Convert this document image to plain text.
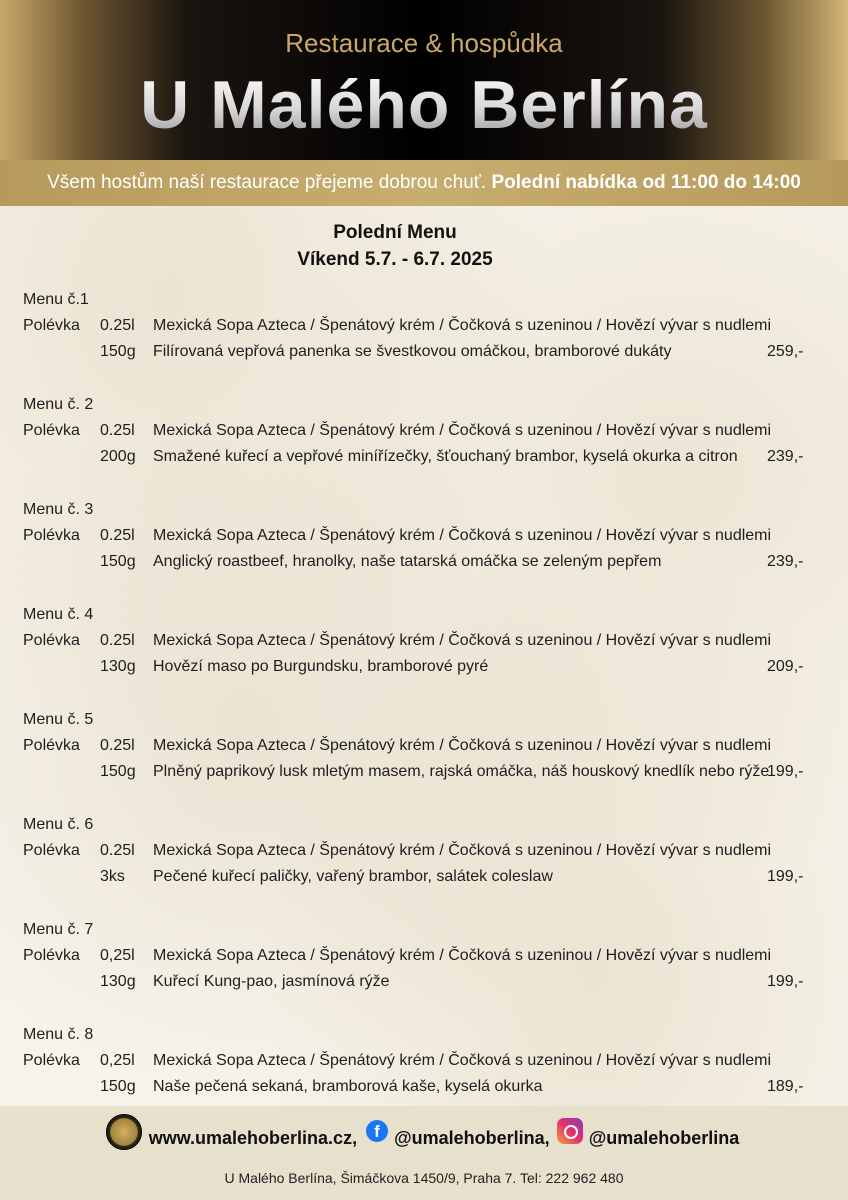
Restaurace & hospůdka
U Malého Berlína
Všem hostům naší restaurace přejeme dobrou chuť. Polední nabídka od 11:00 do 14:00
Polední Menu
Víkend 5.7. - 6.7. 2025
Menu č.1
Polévka 0.25l Mexická Sopa Azteca / Špenátový krém / Čočková s uzeninou / Hovězí vývar s nudlemi
150g Filírovaná vepřová panenka se švestkovou omáčkou, bramborové dukáty	259,-
Menu č. 2
Polévka 0.25l Mexická Sopa Azteca / Špenátový krém / Čočková s uzeninou / Hovězí vývar s nudlemi
200g Smažené kuřecí a vepřové minířízečky, šťouchaný brambor, kyselá okurka a citron 239,-
Menu č. 3
Polévka 0.25l Mexická Sopa Azteca / Špenátový krém / Čočková s uzeninou / Hovězí vývar s nudlemi
150g Anglický roastbeef, hranolky, naše tatarská omáčka se zeleným pepřem	239,-
Menu č. 4
Polévka 0.25l Mexická Sopa Azteca / Špenátový krém / Čočková s uzeninou / Hovězí vývar s nudlemi
130g Hovězí maso po Burgundsku, bramborové pyré	209,-
Menu č. 5
Polévka 0.25l Mexická Sopa Azteca / Špenátový krém / Čočková s uzeninou / Hovězí vývar s nudlemi
150g Plněný paprikový lusk mletým masem, rajská omáčka, náš houskový knedlík nebo rýže
199,-
Menu č. 6
Polévka 0.25l Mexická Sopa Azteca / Špenátový krém / Čočková s uzeninou / Hovězí vývar s nudlemi
3ks Pečené kuřecí paličky, vařený brambor, salátek coleslaw	199,-
Menu č. 7
Polévka 0,25l Mexická Sopa Azteca / Špenátový krém / Čočková s uzeninou / Hovězí vývar s nudlemi
130g Kuřecí Kung-pao, jasmínová rýže	199,-
Menu č. 8
Polévka 0,25l Mexická Sopa Azteca / Špenátový krém / Čočková s uzeninou / Hovězí vývar s nudlemi
150g Naše pečená sekaná, bramborová kaše, kyselá okurka	189,-
f
www.umalehoberlina.cz, @umalehoberlina, @umalehoberlina
U Malého Berlína, Šimáčkova 1450/9, Praha 7. Tel: 222 962 480
